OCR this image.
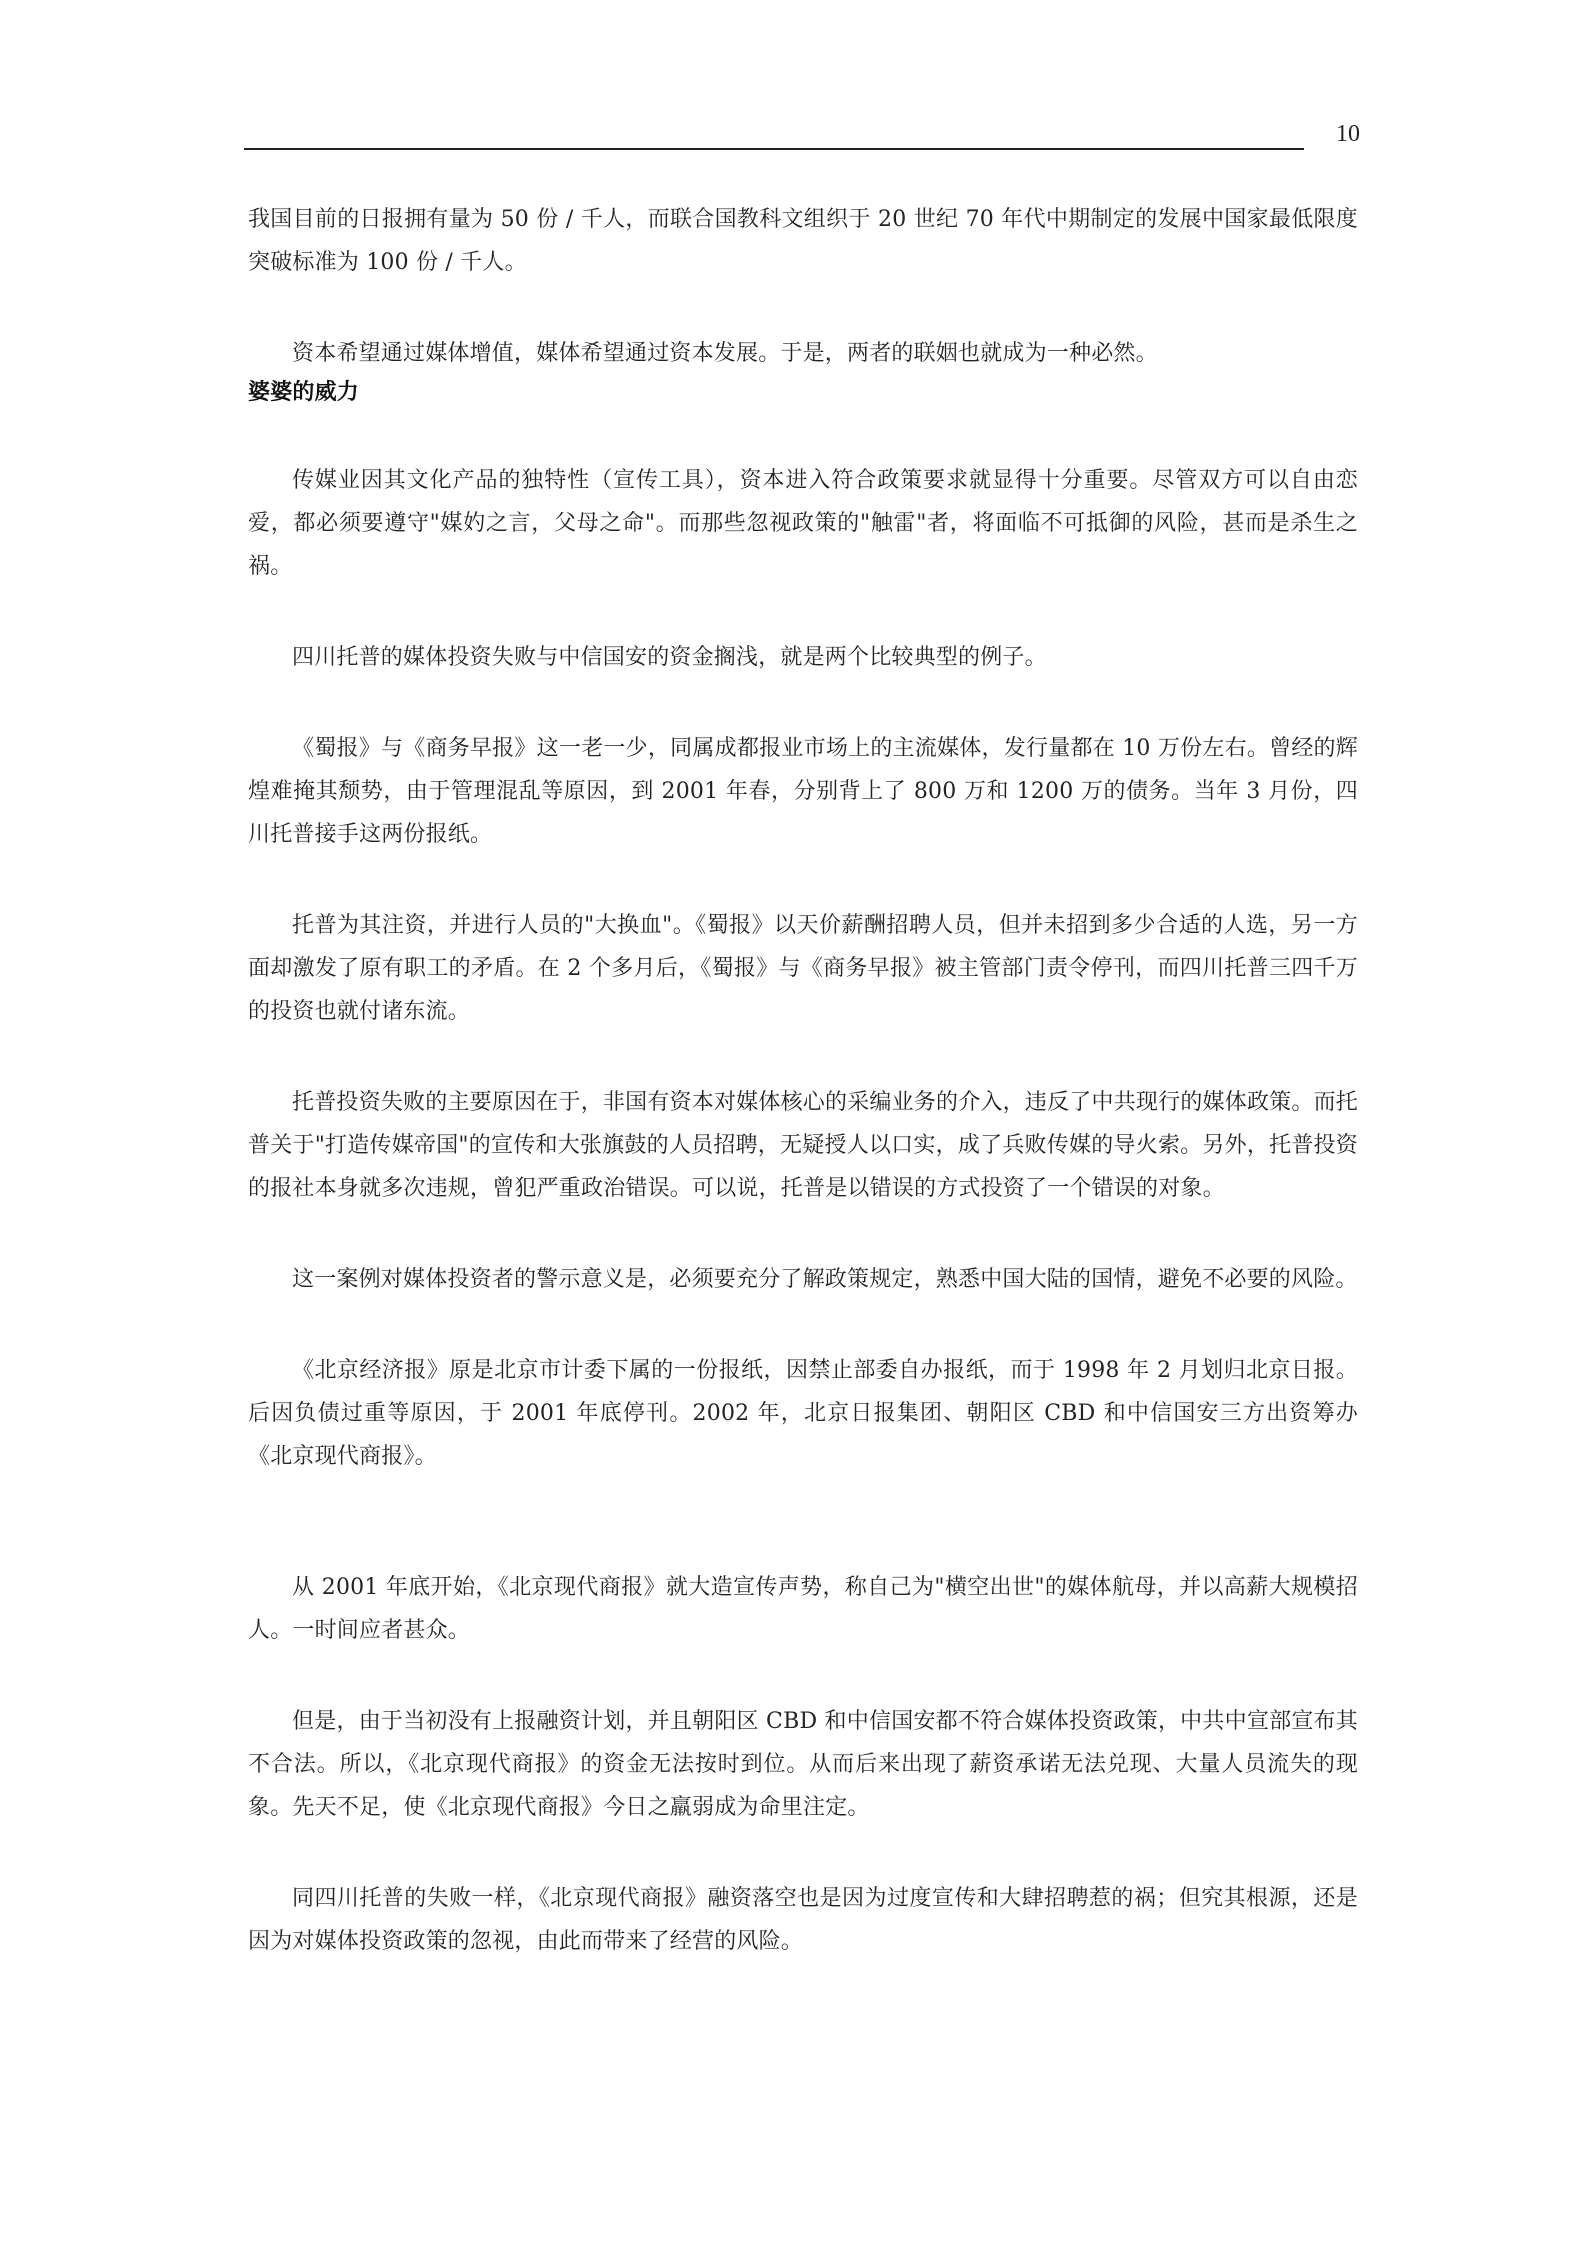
10

我国目前的日报拥有量为 50 份 / 千人，而联合国教科文组织于 20 世纪 70 年代中期制定的发展中国家最低限度突破标准为 100 份 / 千人。

资本希望通过媒体增值，媒体希望通过资本发展。于是，两者的联姻也就成为一种必然。

婆婆的威力

传媒业因其文化产品的独特性（宣传工具），资本进入符合政策要求就显得十分重要。尽管双方可以自由恋爱，都必须要遵守"媒妁之言，父母之命"。而那些忽视政策的"触雷"者，将面临不可抵御的风险，甚而是杀生之祸。

四川托普的媒体投资失败与中信国安的资金搁浅，就是两个比较典型的例子。

《蜀报》与《商务早报》这一老一少，同属成都报业市场上的主流媒体，发行量都在 10 万份左右。曾经的辉煌难掩其颓势，由于管理混乱等原因，到 2001 年春，分别背上了 800 万和 1200 万的债务。当年 3 月份，四川托普接手这两份报纸。

托普为其注资，并进行人员的"大换血"。《蜀报》以天价薪酬招聘人员，但并未招到多少合适的人选，另一方面却激发了原有职工的矛盾。在 2 个多月后，《蜀报》与《商务早报》被主管部门责令停刊，而四川托普三四千万的投资也就付诸东流。

托普投资失败的主要原因在于，非国有资本对媒体核心的采编业务的介入，违反了中共现行的媒体政策。而托普关于"打造传媒帝国"的宣传和大张旗鼓的人员招聘，无疑授人以口实，成了兵败传媒的导火索。另外，托普投资的报社本身就多次违规，曾犯严重政治错误。可以说，托普是以错误的方式投资了一个错误的对象。

这一案例对媒体投资者的警示意义是，必须要充分了解政策规定，熟悉中国大陆的国情，避免不必要的风险。

《北京经济报》原是北京市计委下属的一份报纸，因禁止部委自办报纸，而于 1998 年 2 月划归北京日报。后因负债过重等原因，于 2001 年底停刊。2002 年，北京日报集团、朝阳区 CBD 和中信国安三方出资筹办《北京现代商报》。

从 2001 年底开始，《北京现代商报》就大造宣传声势，称自己为"横空出世"的媒体航母，并以高薪大规模招人。一时间应者甚众。

但是，由于当初没有上报融资计划，并且朝阳区 CBD 和中信国安都不符合媒体投资政策，中共中宣部宣布其不合法。所以，《北京现代商报》的资金无法按时到位。从而后来出现了薪资承诺无法兑现、大量人员流失的现象。先天不足，使《北京现代商报》今日之羸弱成为命里注定。

同四川托普的失败一样，《北京现代商报》融资落空也是因为过度宣传和大肆招聘惹的祸；但究其根源，还是因为对媒体投资政策的忽视，由此而带来了经营的风险。
